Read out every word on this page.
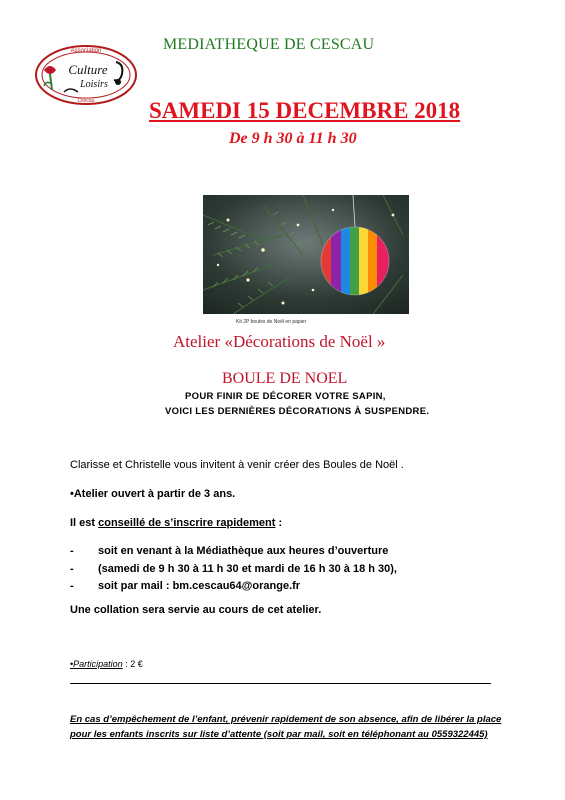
Association
Culture
Loisirs
Cescau
MEDIATHEQUE DE CESCAU
SAMEDI 15 DECEMBRE 2018
De 9 h 30 à 11 h 30
Kit 2P boules de Noël en papier
Atelier «Décorations de Noël »
BOULE DE NOEL
POUR FINIR DE DÉCORER VOTRE SAPIN,
VOICI LES DERNIÈRES DÉCORATIONS À SUSPENDRE.
Clarisse et Christelle vous invitent à venir créer des Boules de Noël .
•Atelier ouvert à partir de 3 ans.
Il est conseillé de s’inscrire rapidement :
- soit en venant à la Médiathèque aux heures d’ouverture
- (samedi de 9 h 30 à 11 h 30 et mardi de 16 h 30 à 18 h 30),
- soit par mail : bm.cescau64@orange.fr
Une collation sera servie au cours de cet atelier.
•Participation : 2 €
En cas d’empêchement de l’enfant, prévenir rapidement de son absence, afin de libérer la place pour les enfants inscrits sur liste d’attente (soit par mail, soit en téléphonant au 0559322445)
